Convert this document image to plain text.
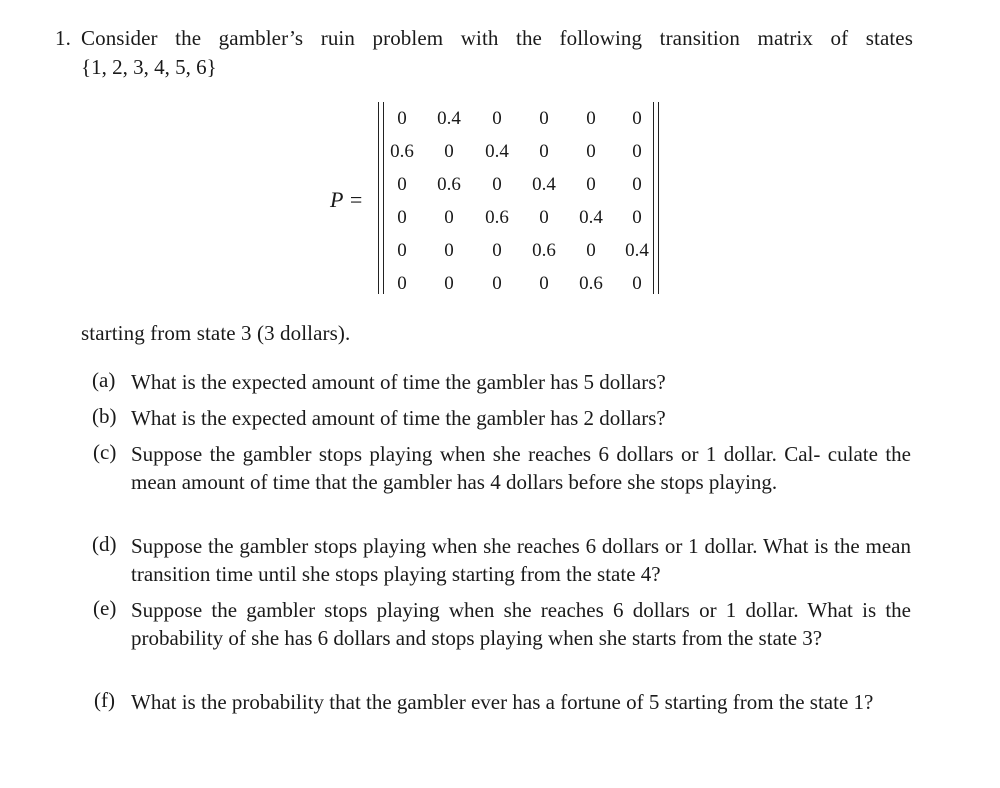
1. Consider the gambler’s ruin problem with the following transition matrix of states
{1, 2, 3, 4, 5, 6}
P =
0	0.4	0	0	0	0
0.6	0	0.4	0	0	0
0	0.6	0	0.4	0	0
0	0	0.6	0	0.4	0
0	0	0	0.6	0	0.4
0	0	0	0	0.6	0
starting from state 3 (3 dollars).
(a) What is the expected amount of time the gambler has 5 dollars?
(b) What is the expected amount of time the gambler has 2 dollars?
(c) Suppose the gambler stops playing when she reaches 6 dollars or 1 dollar. Cal- culate the mean amount of time that the gambler has 4 dollars before she stops playing.
(d) Suppose the gambler stops playing when she reaches 6 dollars or 1 dollar. What is the mean transition time until she stops playing starting from the state 4?
(e) Suppose the gambler stops playing when she reaches 6 dollars or 1 dollar. What is the probability of she has 6 dollars and stops playing when she starts from the state 3?
(f) What is the probability that the gambler ever has a fortune of 5 starting from the state 1?
